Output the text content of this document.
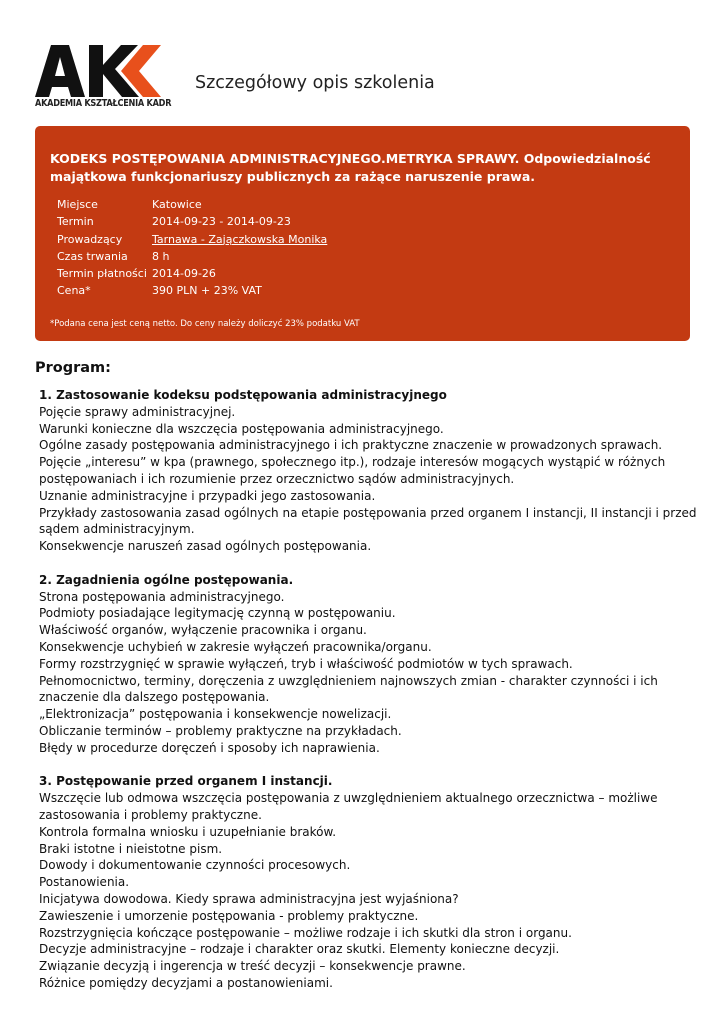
AKADEMIA KSZTAŁCENIA KADR
Szczegółowy opis szkolenia
KODEKS POSTĘPOWANIA ADMINISTRACYJNEGO.METRYKA SPRAWY. Odpowiedzialność majątkowa funkcjonariuszy publicznych za rażące naruszenie prawa.
Miejsce	Katowice
Termin	2014-09-23 - 2014-09-23
Prowadzący	Tarnawa - Zajączkowska Monika
Czas trwania	8 h
Termin płatności 2014-09-26
Cena*	390 PLN + 23% VAT
*Podana cena jest ceną netto. Do ceny należy doliczyć 23% podatku VAT
Program:
1. Zastosowanie kodeksu podstępowania administracyjnego
Pojęcie sprawy administracyjnej.
Warunki konieczne dla wszczęcia postępowania administracyjnego.
Ogólne zasady postępowania administracyjnego i ich praktyczne znaczenie w prowadzonych sprawach.
Pojęcie „interesu” w kpa (prawnego, społecznego itp.), rodzaje interesów mogących wystąpić w różnych postępowaniach i ich rozumienie przez orzecznictwo sądów administracyjnych.
Uznanie administracyjne i przypadki jego zastosowania.
Przykłady zastosowania zasad ogólnych na etapie postępowania przed organem I instancji, II instancji i przed sądem administracyjnym.
Konsekwencje naruszeń zasad ogólnych postępowania.
2. Zagadnienia ogólne postępowania.
Strona postępowania administracyjnego.
Podmioty posiadające legitymację czynną w postępowaniu.
Właściwość organów, wyłączenie pracownika i organu.
Konsekwencje uchybień w zakresie wyłączeń pracownika/organu.
Formy rozstrzygnięć w sprawie wyłączeń, tryb i właściwość podmiotów w tych sprawach.
Pełnomocnictwo, terminy, doręczenia z uwzględnieniem najnowszych zmian - charakter czynności i ich znaczenie dla dalszego postępowania.
„Elektronizacja” postępowania i konsekwencje nowelizacji.
Obliczanie terminów – problemy praktyczne na przykładach.
Błędy w procedurze doręczeń i sposoby ich naprawienia.
3. Postępowanie przed organem I instancji.
Wszczęcie lub odmowa wszczęcia postępowania z uwzględnieniem aktualnego orzecznictwa – możliwe zastosowania i problemy praktyczne.
Kontrola formalna wniosku i uzupełnianie braków.
Braki istotne i nieistotne pism.
Dowody i dokumentowanie czynności procesowych.
Postanowienia.
Inicjatywa dowodowa. Kiedy sprawa administracyjna jest wyjaśniona?
Zawieszenie i umorzenie postępowania - problemy praktyczne.
Rozstrzygnięcia kończące postępowanie – możliwe rodzaje i ich skutki dla stron i organu.
Decyzje administracyjne – rodzaje i charakter oraz skutki. Elementy konieczne decyzji.
Związanie decyzją i ingerencja w treść decyzji – konsekwencje prawne.
Różnice pomiędzy decyzjami a postanowieniami.
